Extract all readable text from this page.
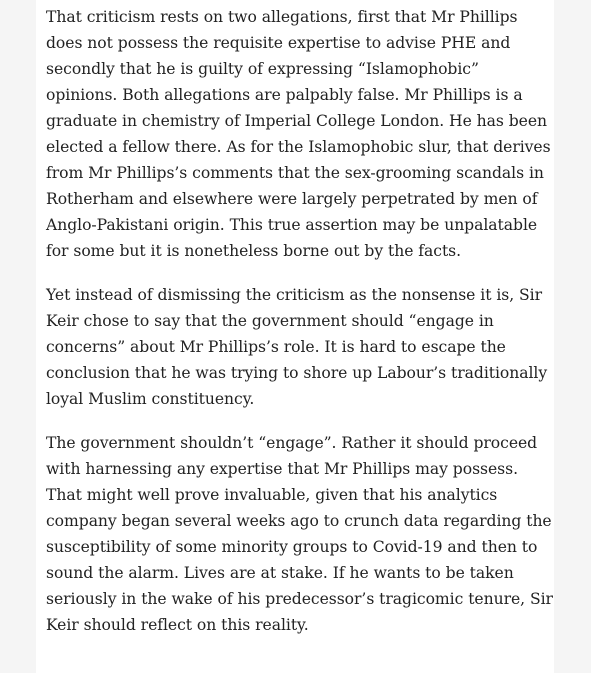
That criticism rests on two allegations, first that Mr Phillips
does not possess the requisite expertise to advise PHE and
secondly that he is guilty of expressing “Islamophobic”
opinions. Both allegations are palpably false. Mr Phillips is a
graduate in chemistry of Imperial College London. He has been
elected a fellow there. As for the Islamophobic slur, that derives
from Mr Phillips’s comments that the sex-grooming scandals in
Rotherham and elsewhere were largely perpetrated by men of
Anglo-Pakistani origin. This true assertion may be unpalatable
for some but it is nonetheless borne out by the facts.

Yet instead of dismissing the criticism as the nonsense it is, Sir
Keir chose to say that the government should “engage in
concerns” about Mr Phillips’s role. It is hard to escape the
conclusion that he was trying to shore up Labour’s traditionally
loyal Muslim constituency.

The government shouldn’t “engage”. Rather it should proceed
with harnessing any expertise that Mr Phillips may possess.
That might well prove invaluable, given that his analytics
company began several weeks ago to crunch data regarding the
susceptibility of some minority groups to Covid-19 and then to
sound the alarm. Lives are at stake. If he wants to be taken
seriously in the wake of his predecessor’s tragicomic tenure, Sir
Keir should reflect on this reality.
